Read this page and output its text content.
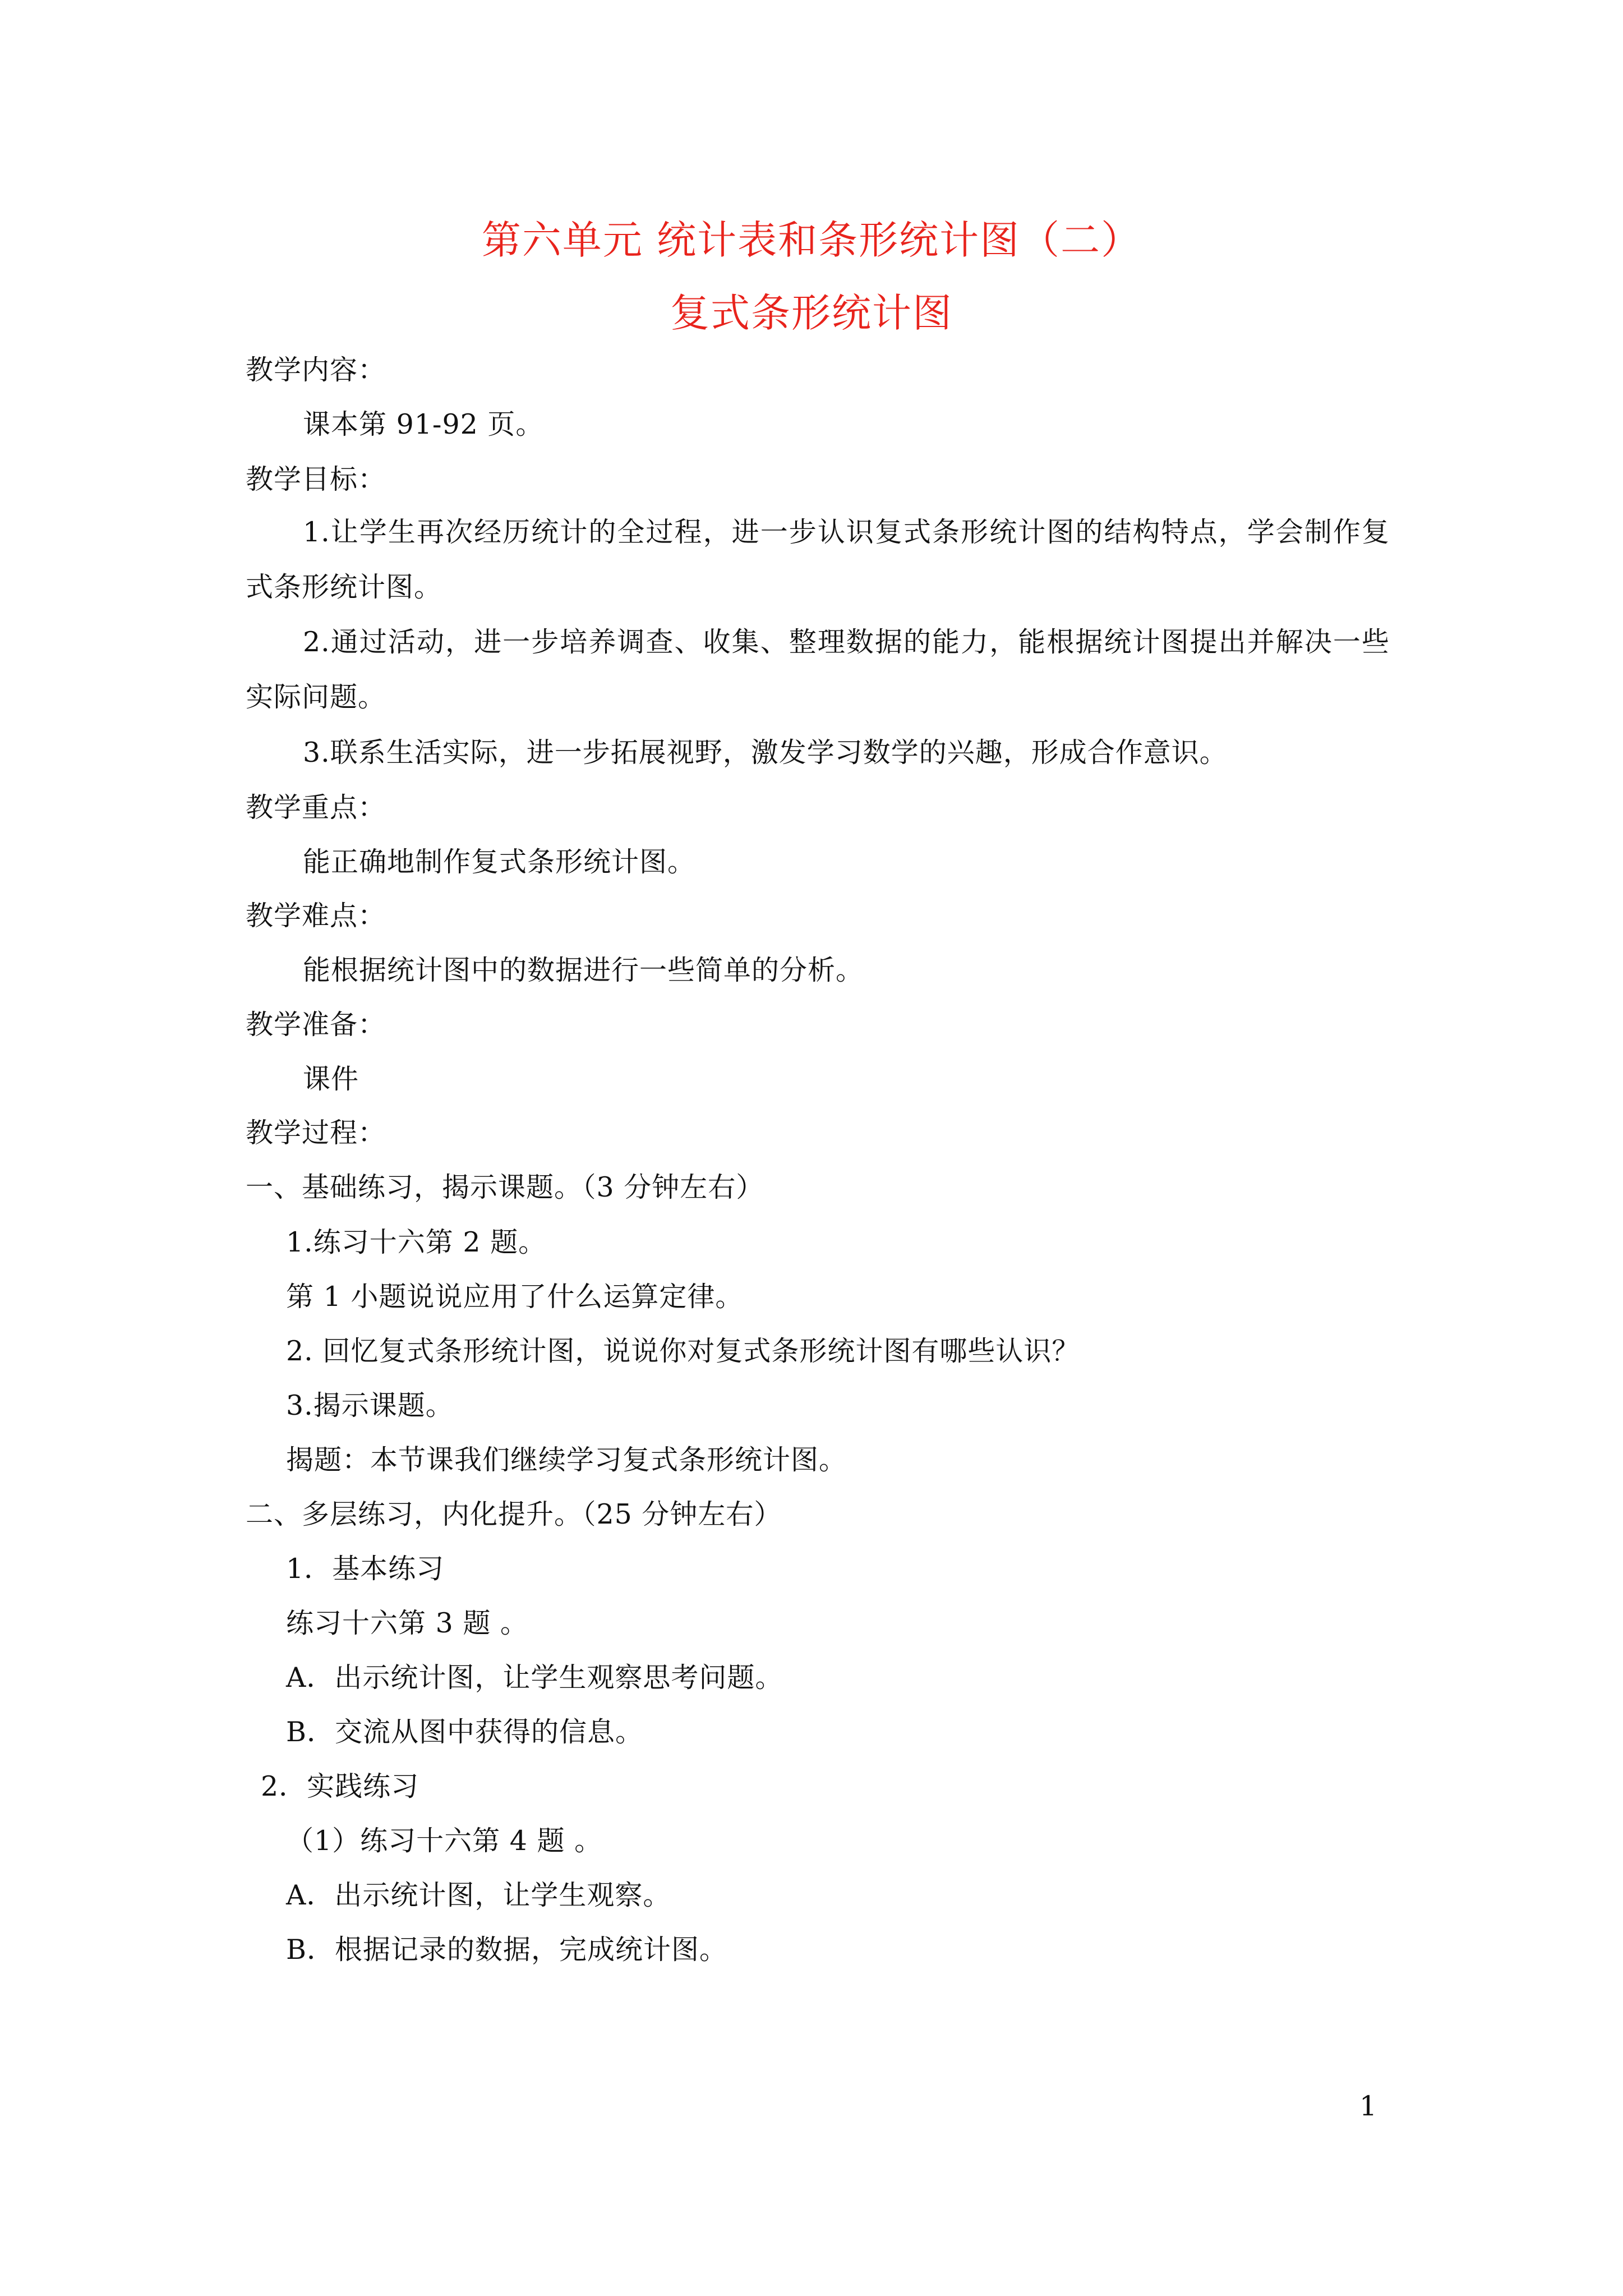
第六单元 统计表和条形统计图（二）
复式条形统计图
教学内容：
课本第 91-92 页。
教学目标：
1.让学生再次经历统计的全过程，进一步认识复式条形统计图的结构特点，学会制作复式条形统计图。
2.通过活动，进一步培养调查、收集、整理数据的能力，能根据统计图提出并解决一些实际问题。
3.联系生活实际，进一步拓展视野，激发学习数学的兴趣，形成合作意识。
教学重点：
能正确地制作复式条形统计图。
教学难点：
能根据统计图中的数据进行一些简单的分析。
教学准备：
课件
教学过程：
一、基础练习，揭示课题。（3 分钟左右）
1.练习十六第 2 题。
第 1 小题说说应用了什么运算定律。
2. 回忆复式条形统计图，说说你对复式条形统计图有哪些认识？
3.揭示课题。
揭题：本节课我们继续学习复式条形统计图。
二、多层练习，内化提升。（25 分钟左右）
1．基本练习
练习十六第 3 题 。
A．出示统计图，让学生观察思考问题。
B．交流从图中获得的信息。
2．实践练习
（1）练习十六第 4 题 。
A．出示统计图，让学生观察。
B．根据记录的数据，完成统计图。
1
